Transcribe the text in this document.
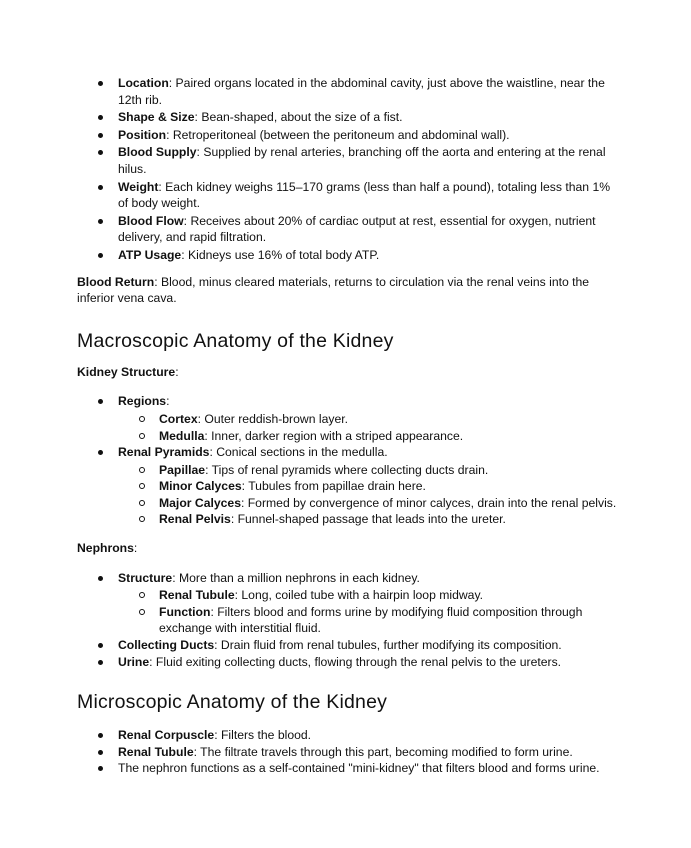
Location: Paired organs located in the abdominal cavity, just above the waistline, near the 12th rib.
Shape & Size: Bean-shaped, about the size of a fist.
Position: Retroperitoneal (between the peritoneum and abdominal wall).
Blood Supply: Supplied by renal arteries, branching off the aorta and entering at the renal hilus.
Weight: Each kidney weighs 115–170 grams (less than half a pound), totaling less than 1% of body weight.
Blood Flow: Receives about 20% of cardiac output at rest, essential for oxygen, nutrient delivery, and rapid filtration.
ATP Usage: Kidneys use 16% of total body ATP.

Blood Return: Blood, minus cleared materials, returns to circulation via the renal veins into the inferior vena cava.

Macroscopic Anatomy of the Kidney

Kidney Structure:

Regions:
Cortex: Outer reddish-brown layer.
Medulla: Inner, darker region with a striped appearance.
Renal Pyramids: Conical sections in the medulla.
Papillae: Tips of renal pyramids where collecting ducts drain.
Minor Calyces: Tubules from papillae drain here.
Major Calyces: Formed by convergence of minor calyces, drain into the renal pelvis.
Renal Pelvis: Funnel-shaped passage that leads into the ureter.

Nephrons:

Structure: More than a million nephrons in each kidney.
Renal Tubule: Long, coiled tube with a hairpin loop midway.
Function: Filters blood and forms urine by modifying fluid composition through exchange with interstitial fluid.
Collecting Ducts: Drain fluid from renal tubules, further modifying its composition.
Urine: Fluid exiting collecting ducts, flowing through the renal pelvis to the ureters.
Microscopic Anatomy of the Kidney
Renal Corpuscle: Filters the blood.
Renal Tubule: The filtrate travels through this part, becoming modified to form urine.
The nephron functions as a self-contained "mini-kidney" that filters blood and forms urine.
